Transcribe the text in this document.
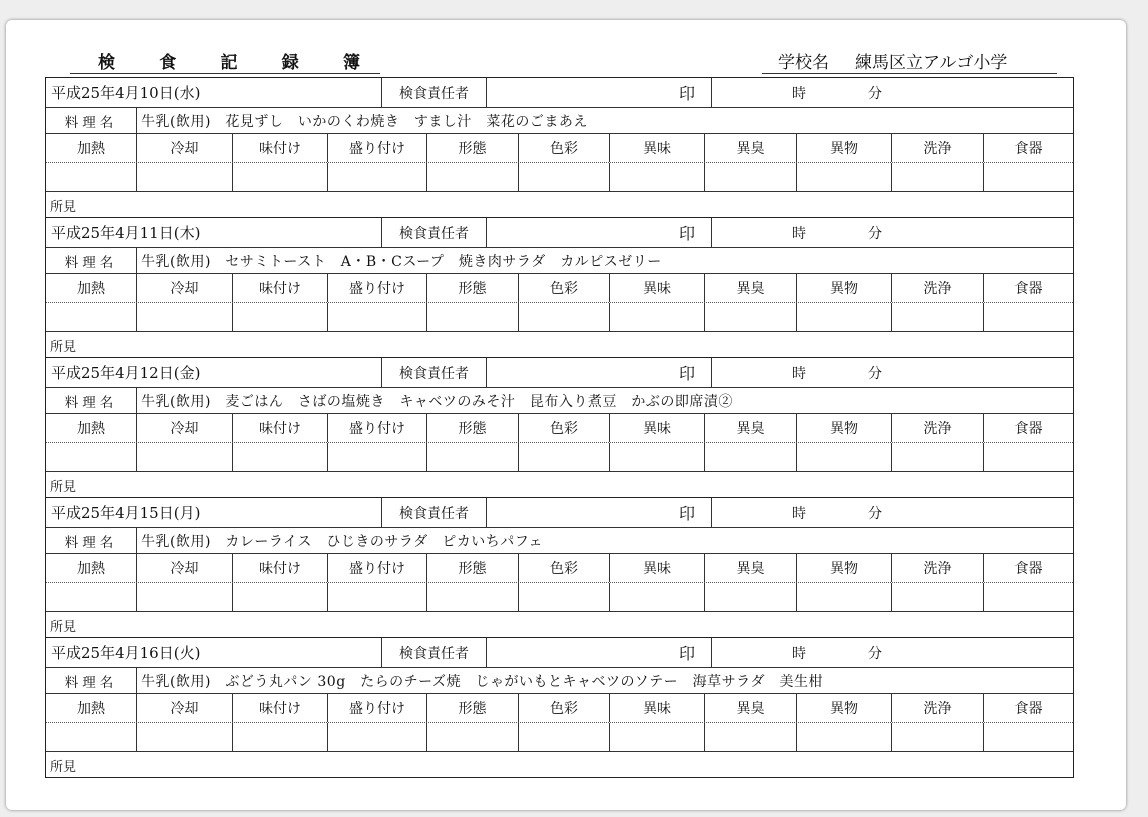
検	食	記	録	簿	学校名 練馬区立アルゴ小学
平成25年4月10日(水)	検食責任者	印	時	分
料理名	牛乳(飲用)　花見ずし　いかのくわ焼き　すまし汁　菜花のごまあえ
加熱	冷却	味付け	盛り付け	形態	色彩	異味	異臭	異物	洗浄	食器
所見
平成25年4月11日(木)	検食責任者	印	時	分
料理名	牛乳(飲用)　セサミトースト　A・B・Cスープ　焼き肉サラダ　カルピスゼリー
加熱	冷却	味付け	盛り付け	形態	色彩	異味	異臭	異物	洗浄	食器
所見
平成25年4月12日(金)	検食責任者	印	時	分
料理名	牛乳(飲用)　麦ごはん　さばの塩焼き　キャベツのみそ汁　昆布入り煮豆　かぶの即席漬②
加熱	冷却	味付け	盛り付け	形態	色彩	異味	異臭	異物	洗浄	食器
所見
平成25年4月15日(月)	検食責任者	印	時	分
料理名	牛乳(飲用)　カレーライス　ひじきのサラダ　ピカいちパフェ
加熱	冷却	味付け	盛り付け	形態	色彩	異味	異臭	異物	洗浄	食器
所見
平成25年4月16日(火)	検食責任者	印	時	分
料理名	牛乳(飲用)　ぶどう丸パン 30g　たらのチーズ焼　じゃがいもとキャベツのソテー　海草サラダ　美生柑
加熱	冷却	味付け	盛り付け	形態	色彩	異味	異臭	異物	洗浄	食器
所見
